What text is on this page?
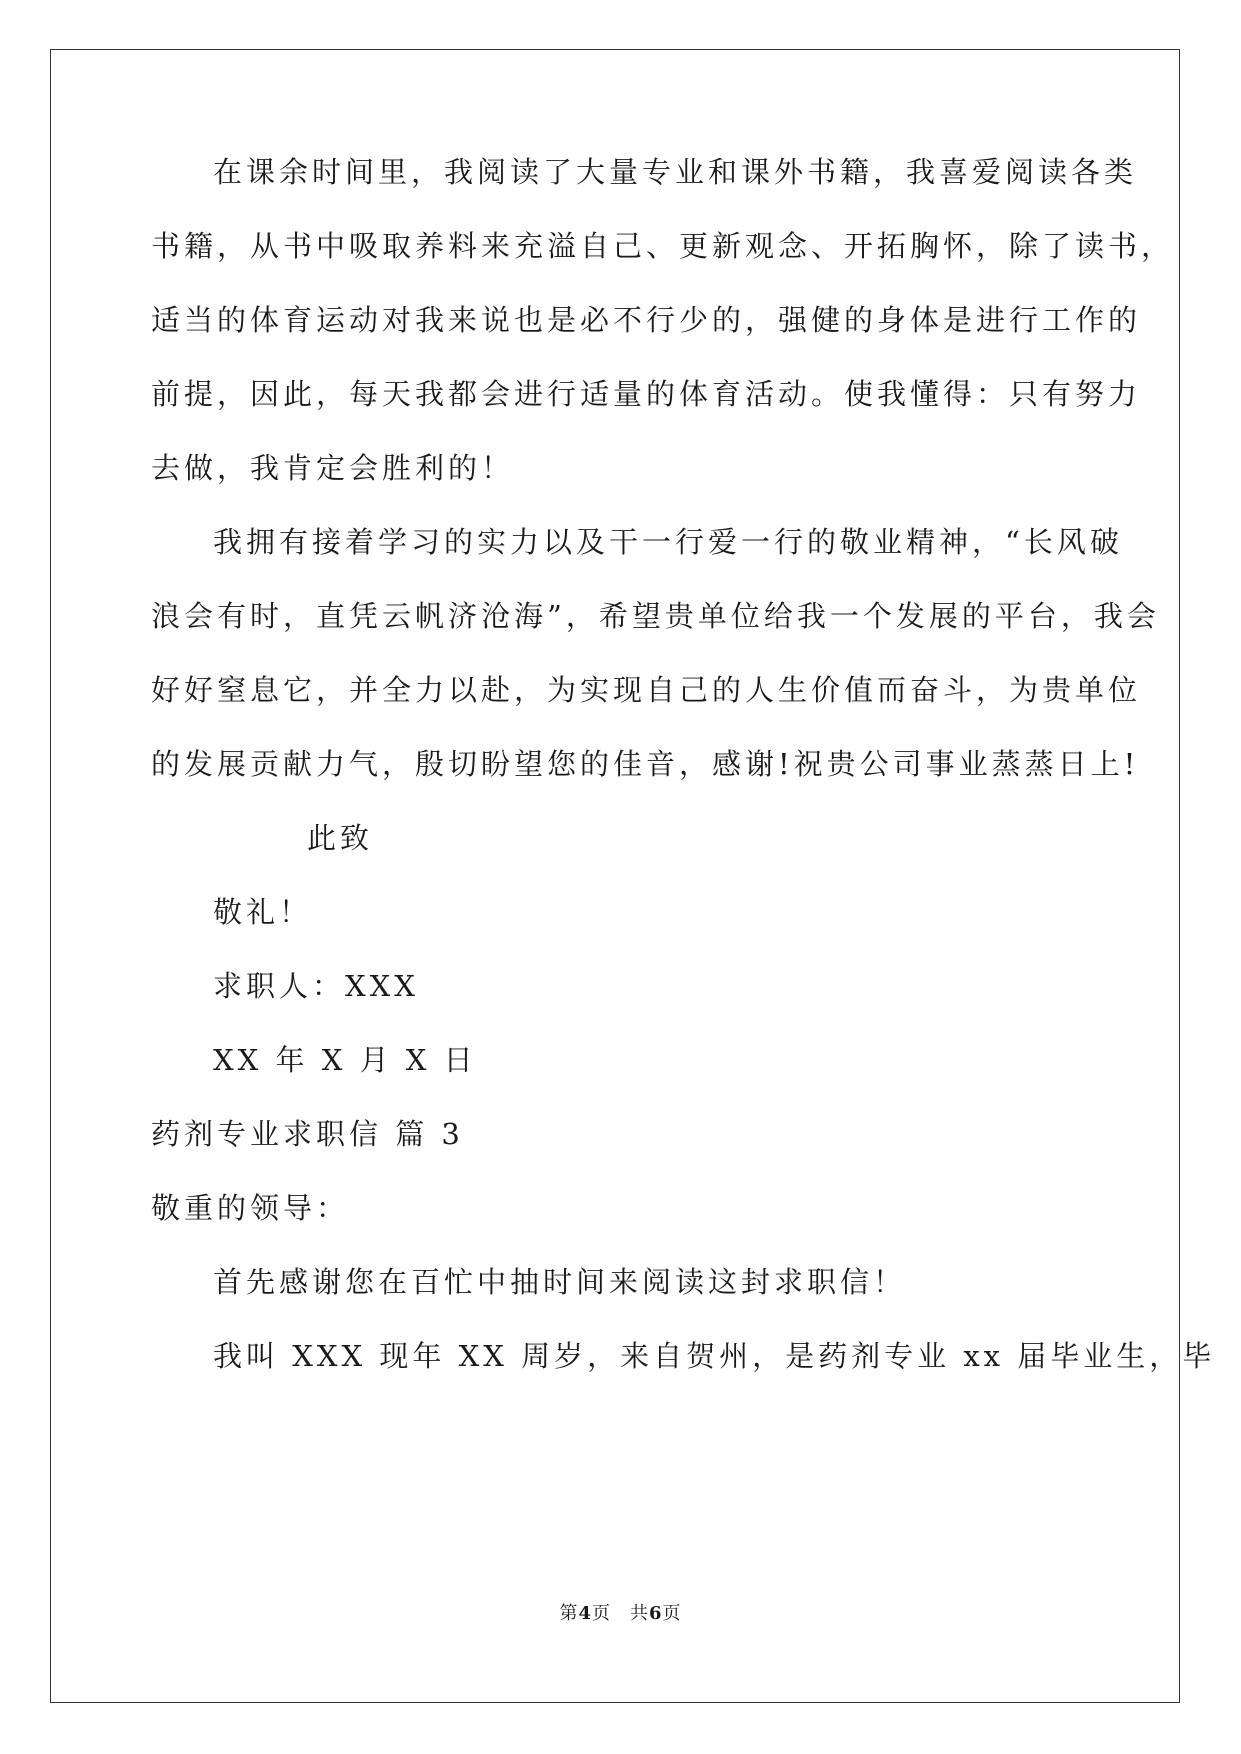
在课余时间里，我阅读了大量专业和课外书籍，我喜爱阅读各类
书籍，从书中吸取养料来充溢自己、更新观念、开拓胸怀，除了读书，
适当的体育运动对我来说也是必不行少的，强健的身体是进行工作的
前提，因此，每天我都会进行适量的体育活动。使我懂得：只有努力
去做，我肯定会胜利的！
我拥有接着学习的实力以及干一行爱一行的敬业精神，“长风破
浪会有时，直凭云帆济沧海”，希望贵单位给我一个发展的平台，我会
好好窒息它，并全力以赴，为实现自己的人生价值而奋斗，为贵单位
的发展贡献力气，殷切盼望您的佳音，感谢!祝贵公司事业蒸蒸日上!
此致
敬礼！
求职人：XXX
XX 年 X 月 X 日
药剂专业求职信 篇 3
敬重的领导：
首先感谢您在百忙中抽时间来阅读这封求职信！
我叫 XXX 现年 XX 周岁，来自贺州，是药剂专业 xx 届毕业生，毕
第4页　共6页
